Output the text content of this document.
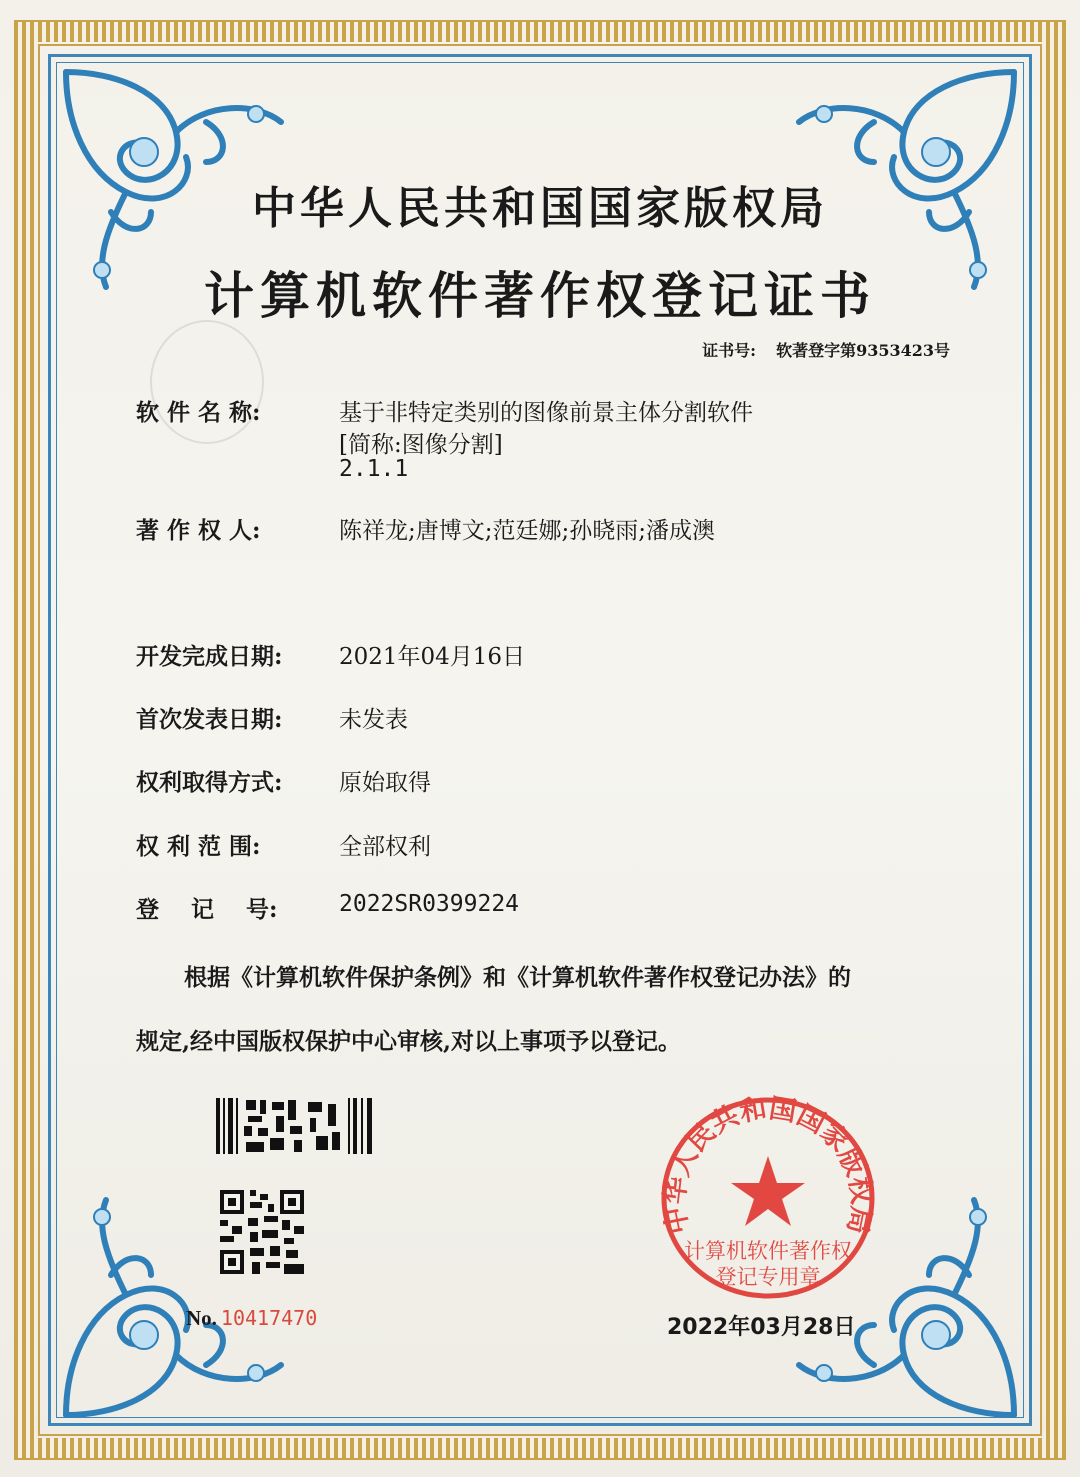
中华人民共和国国家版权局
计算机软件著作权登记证书
证书号: 软著登字第9353423号
软 件 名 称:	基于非特定类别的图像前景主体分割软件
[简称:图像分割]
2.1.1
著 作 权 人:	陈祥龙;唐博文;范廷娜;孙晓雨;潘成澳
开发完成日期:	2021年04月16日
首次发表日期:	未发表
权利取得方式:	原始取得
权 利 范 围:	全部权利
登    记    号:	2022SR0399224
根据《计算机软件保护条例》和《计算机软件著作权登记办法》的
规定,经中国版权保护中心审核,对以上事项予以登记。
No. 10417470
中华人民共和国国家版权局
计算机软件著作权
登记专用章
2022年03月28日
